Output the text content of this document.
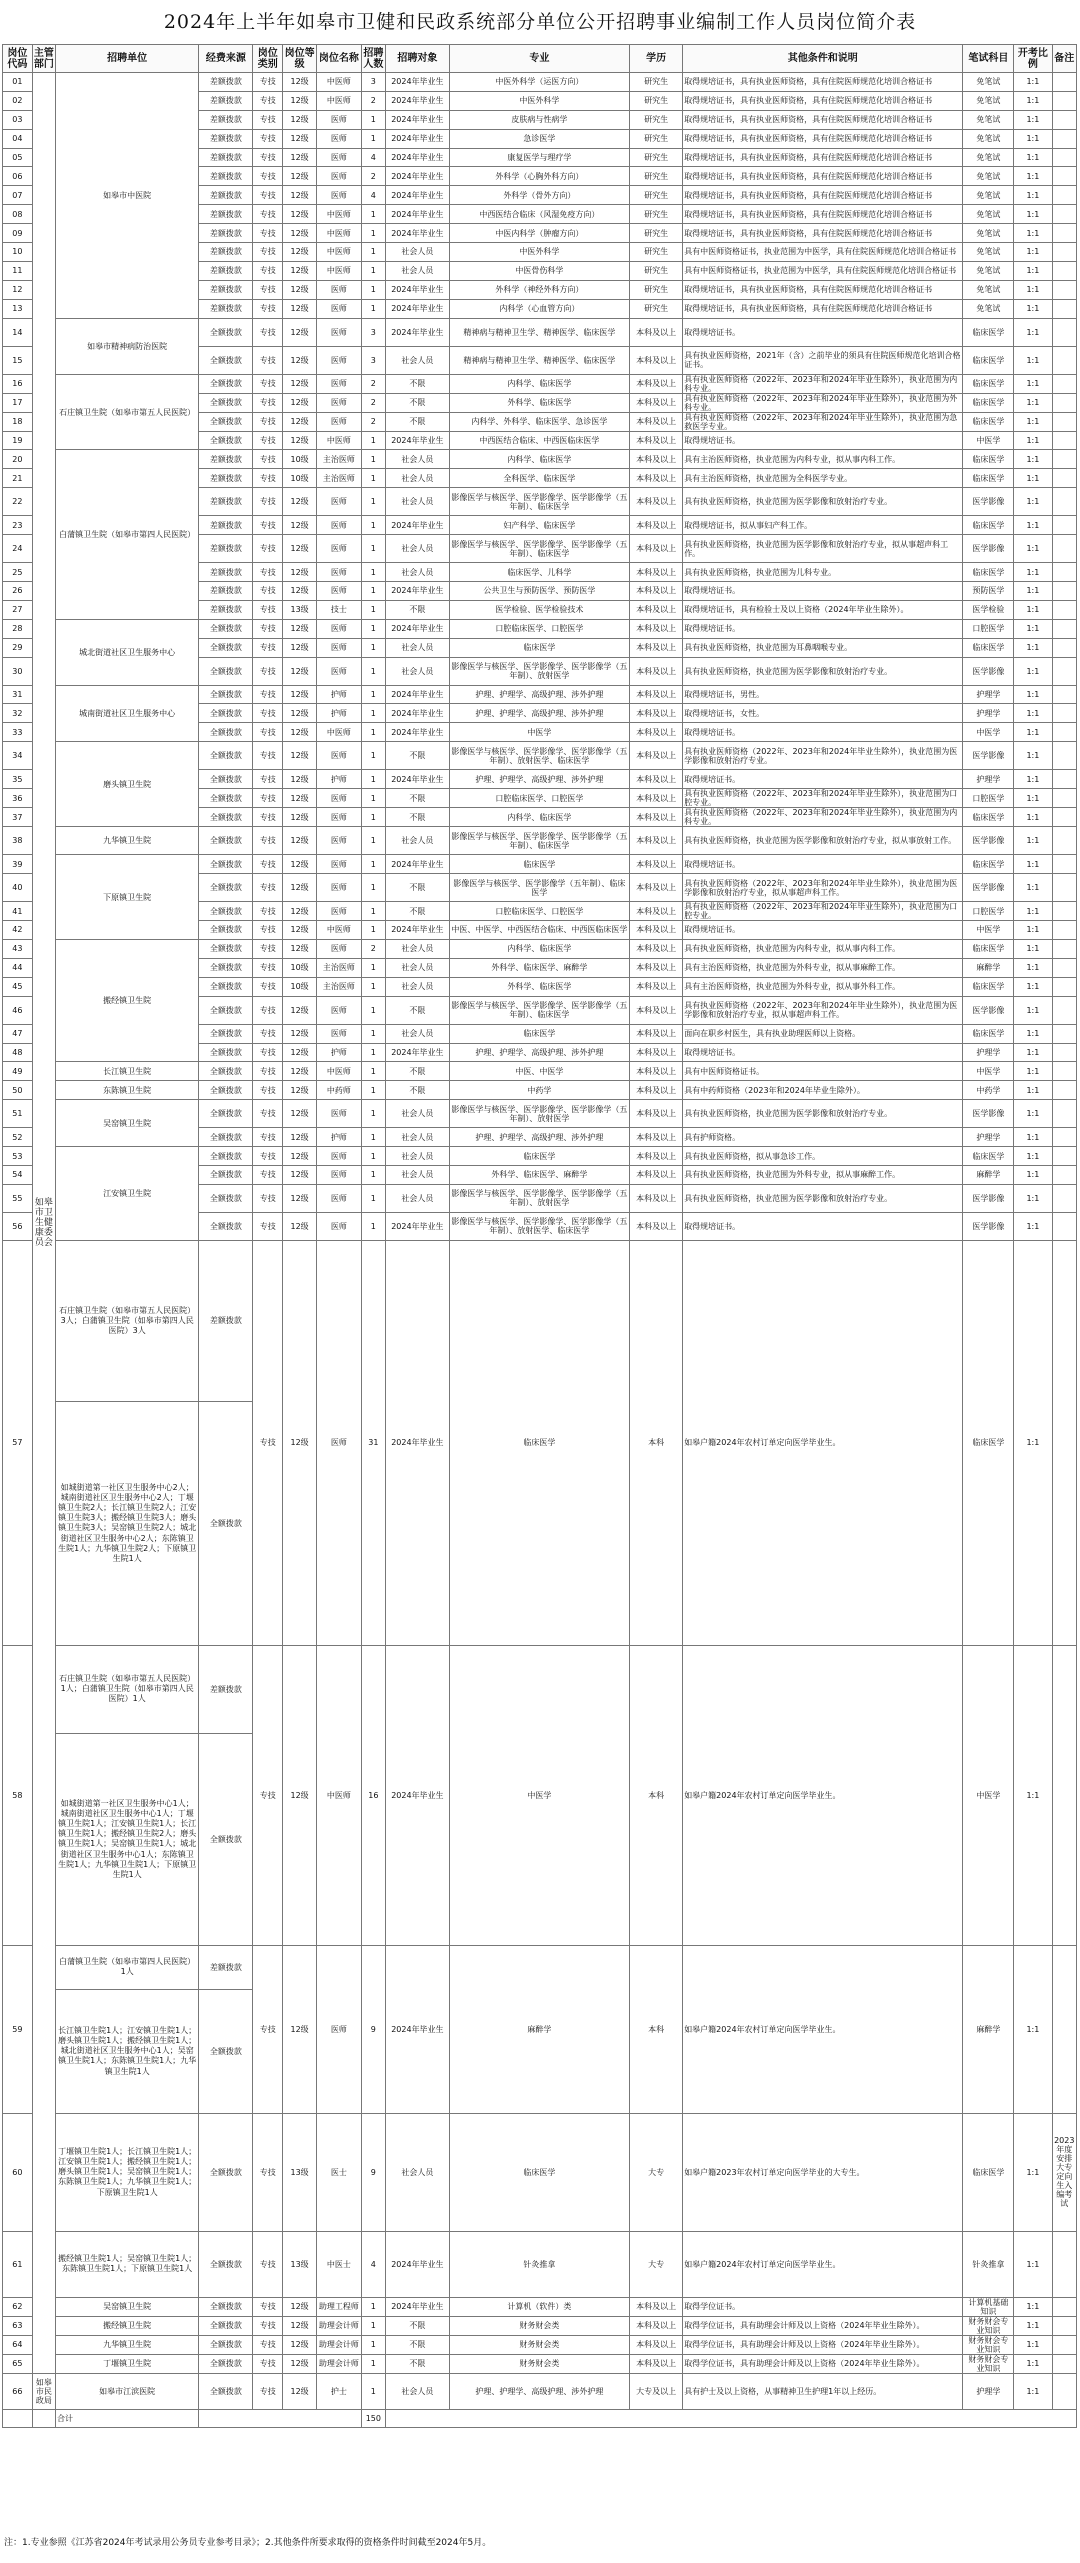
2024年上半年如皋市卫健和民政系统部分单位公开招聘事业编制工作人员岗位简介表
岗位代码	主管部门	招聘单位	经费来源	岗位类别	岗位等级	岗位名称	招聘人数	招聘对象	专业	学历	其他条件和说明	笔试科目	开考比例	备注
01	如皋市卫生健康委员会	如皋市中医院	差额拨款	专技	12级	中医师	3	2024年毕业生	中医外科学（运医方向）	研究生	取得规培证书，具有执业医师资格，具有住院医师规范化培训合格证书	免笔试	1:1	
02			差额拨款	专技	12级	中医师	2	2024年毕业生	中医外科学	研究生	取得规培证书，具有执业医师资格，具有住院医师规范化培训合格证书	免笔试	1:1	
03			差额拨款	专技	12级	医师	1	2024年毕业生	皮肤病与性病学	研究生	取得规培证书，具有执业医师资格，具有住院医师规范化培训合格证书	免笔试	1:1	
04			差额拨款	专技	12级	医师	1	2024年毕业生	急诊医学	研究生	取得规培证书，具有执业医师资格，具有住院医师规范化培训合格证书	免笔试	1:1	
05			差额拨款	专技	12级	医师	4	2024年毕业生	康复医学与理疗学	研究生	取得规培证书，具有执业医师资格，具有住院医师规范化培训合格证书	免笔试	1:1	
06			差额拨款	专技	12级	医师	2	2024年毕业生	外科学（心胸外科方向）	研究生	取得规培证书，具有执业医师资格，具有住院医师规范化培训合格证书	免笔试	1:1	
07			差额拨款	专技	12级	医师	4	2024年毕业生	外科学（骨外方向）	研究生	取得规培证书，具有执业医师资格，具有住院医师规范化培训合格证书	免笔试	1:1	
08			差额拨款	专技	12级	中医师	1	2024年毕业生	中西医结合临床（风湿免疫方向）	研究生	取得规培证书，具有执业医师资格，具有住院医师规范化培训合格证书	免笔试	1:1	
09			差额拨款	专技	12级	中医师	1	2024年毕业生	中医内科学（肿瘤方向）	研究生	取得规培证书，具有执业医师资格，具有住院医师规范化培训合格证书	免笔试	1:1	
10			差额拨款	专技	12级	中医师	1	社会人员	中医外科学	研究生	具有中医师资格证书，执业范围为中医学，具有住院医师规范化培训合格证书	免笔试	1:1	
11			差额拨款	专技	12级	中医师	1	社会人员	中医骨伤科学	研究生	具有中医师资格证书，执业范围为中医学，具有住院医师规范化培训合格证书	免笔试	1:1	
12			差额拨款	专技	12级	医师	1	2024年毕业生	外科学（神经外科方向）	研究生	取得规培证书，具有执业医师资格，具有住院医师规范化培训合格证书	免笔试	1:1	
13			差额拨款	专技	12级	医师	1	2024年毕业生	内科学（心血管方向）	研究生	取得规培证书，具有执业医师资格，具有住院医师规范化培训合格证书	免笔试	1:1	
14		如皋市精神病防治医院	全额拨款	专技	12级	医师	3	2024年毕业生	精神病与精神卫生学、精神医学、临床医学	本科及以上	取得规培证书。	临床医学	1:1	
15			全额拨款	专技	12级	医师	3	社会人员	精神病与精神卫生学、精神医学、临床医学	本科及以上	具有执业医师资格，2021年（含）之前毕业的须具有住院医师规范化培训合格证书。	临床医学	1:1	
16		石庄镇卫生院（如皋市第五人民医院）	全额拨款	专技	12级	医师	2	不限	内科学、临床医学	本科及以上	具有执业医师资格（2022年、2023年和2024年毕业生除外），执业范围为内科专业。	临床医学	1:1	
17			全额拨款	专技	12级	医师	2	不限	外科学、临床医学	本科及以上	具有执业医师资格（2022年、2023年和2024年毕业生除外），执业范围为外科专业。	临床医学	1:1	
18			全额拨款	专技	12级	医师	2	不限	内科学、外科学、临床医学、急诊医学	本科及以上	具有执业医师资格（2022年、2023年和2024年毕业生除外），执业范围为急救医学专业。	临床医学	1:1	
19			全额拨款	专技	12级	中医师	1	2024年毕业生	中西医结合临床、中西医临床医学	本科及以上	取得规培证书。	中医学	1:1	
20		白蒲镇卫生院（如皋市第四人民医院）	差额拨款	专技	10级	主治医师	1	社会人员	内科学、临床医学	本科及以上	具有主治医师资格，执业范围为内科专业，拟从事内科工作。	临床医学	1:1	
21			差额拨款	专技	10级	主治医师	1	社会人员	全科医学、临床医学	本科及以上	具有主治医师资格，执业范围为全科医学专业。	临床医学	1:1	
22			差额拨款	专技	12级	医师	1	社会人员	影像医学与核医学、医学影像学、医学影像学（五年制）、临床医学	本科及以上	具有执业医师资格，执业范围为医学影像和放射治疗专业。	医学影像	1:1	
23			差额拨款	专技	12级	医师	1	2024年毕业生	妇产科学、临床医学	本科及以上	取得规培证书，拟从事妇产科工作。	临床医学	1:1	
24			差额拨款	专技	12级	医师	1	社会人员	影像医学与核医学、医学影像学、医学影像学（五年制）、临床医学	本科及以上	具有执业医师资格，执业范围为医学影像和放射治疗专业，拟从事超声科工作。	医学影像	1:1	
25			差额拨款	专技	12级	医师	1	社会人员	临床医学、儿科学	本科及以上	具有执业医师资格，执业范围为儿科专业。	临床医学	1:1	
26			差额拨款	专技	12级	医师	1	2024年毕业生	公共卫生与预防医学、预防医学	本科及以上	取得规培证书。	预防医学	1:1	
27			差额拨款	专技	13级	技士	1	不限	医学检验、医学检验技术	本科及以上	取得规培证书，具有检验士及以上资格（2024年毕业生除外）。	医学检验	1:1	
28		城北街道社区卫生服务中心	全额拨款	专技	12级	医师	1	2024年毕业生	口腔临床医学、口腔医学	本科及以上	取得规培证书。	口腔医学	1:1	
29			全额拨款	专技	12级	医师	1	社会人员	临床医学	本科及以上	具有执业医师资格，执业范围为耳鼻咽喉专业。	临床医学	1:1	
30			全额拨款	专技	12级	医师	1	社会人员	影像医学与核医学、医学影像学、医学影像学（五年制）、放射医学	本科及以上	具有执业医师资格，执业范围为医学影像和放射治疗专业。	医学影像	1:1	
31		城南街道社区卫生服务中心	全额拨款	专技	12级	护师	1	2024年毕业生	护理、护理学、高级护理、涉外护理	本科及以上	取得规培证书，男性。	护理学	1:1	
32			全额拨款	专技	12级	护师	1	2024年毕业生	护理、护理学、高级护理、涉外护理	本科及以上	取得规培证书，女性。	护理学	1:1	
33			全额拨款	专技	12级	中医师	1	2024年毕业生	中医学	本科及以上	取得规培证书。	中医学	1:1	
34		磨头镇卫生院	全额拨款	专技	12级	医师	1	不限	影像医学与核医学、医学影像学、医学影像学（五年制）、放射医学、临床医学	本科及以上	具有执业医师资格（2022年、2023年和2024年毕业生除外），执业范围为医学影像和放射治疗专业。	医学影像	1:1	
35			全额拨款	专技	12级	护师	1	2024年毕业生	护理、护理学、高级护理、涉外护理	本科及以上	取得规培证书。	护理学	1:1	
36			全额拨款	专技	12级	医师	1	不限	口腔临床医学、口腔医学	本科及以上	具有执业医师资格（2022年、2023年和2024年毕业生除外），执业范围为口腔专业。	口腔医学	1:1	
37			全额拨款	专技	12级	医师	1	不限	内科学、临床医学	本科及以上	具有执业医师资格（2022年、2023年和2024年毕业生除外），执业范围为内科专业。	临床医学	1:1	
38		九华镇卫生院	全额拨款	专技	12级	医师	1	社会人员	影像医学与核医学、医学影像学、医学影像学（五年制）、临床医学	本科及以上	具有执业医师资格，执业范围为医学影像和放射治疗专业，拟从事放射工作。	医学影像	1:1	
39		下原镇卫生院	全额拨款	专技	12级	医师	1	2024年毕业生	临床医学	本科及以上	取得规培证书。	临床医学	1:1	
40			全额拨款	专技	12级	医师	1	不限	影像医学与核医学、医学影像学（五年制）、临床医学	本科及以上	具有执业医师资格（2022年、2023年和2024年毕业生除外），执业范围为医学影像和放射治疗专业，拟从事超声科工作。	医学影像	1:1	
41			全额拨款	专技	12级	医师	1	不限	口腔临床医学、口腔医学	本科及以上	具有执业医师资格（2022年、2023年和2024年毕业生除外），执业范围为口腔专业。	口腔医学	1:1	
42			全额拨款	专技	12级	中医师	1	2024年毕业生	中医、中医学、中西医结合临床、中西医临床医学	本科及以上	取得规培证书。	中医学	1:1	
43		搬经镇卫生院	全额拨款	专技	12级	医师	2	社会人员	内科学、临床医学	本科及以上	具有执业医师资格，执业范围为内科专业，拟从事内科工作。	临床医学	1:1	
44			全额拨款	专技	10级	主治医师	1	社会人员	外科学、临床医学、麻醉学	本科及以上	具有主治医师资格，执业范围为外科专业，拟从事麻醉工作。	麻醉学	1:1	
45			全额拨款	专技	10级	主治医师	1	社会人员	外科学、临床医学	本科及以上	具有主治医师资格，执业范围为外科专业，拟从事外科工作。	临床医学	1:1	
46			全额拨款	专技	12级	医师	1	不限	影像医学与核医学、医学影像学、医学影像学（五年制）、临床医学	本科及以上	具有执业医师资格（2022年、2023年和2024年毕业生除外），执业范围为医学影像和放射治疗专业，拟从事超声科工作。	医学影像	1:1	
47			全额拨款	专技	12级	医师	1	社会人员	临床医学	本科及以上	面向在职乡村医生，具有执业助理医师以上资格。	临床医学	1:1	
48			全额拨款	专技	12级	护师	1	2024年毕业生	护理、护理学、高级护理、涉外护理	本科及以上	取得规培证书。	护理学	1:1	
49		长江镇卫生院	全额拨款	专技	12级	中医师	1	不限	中医、中医学	本科及以上	具有中医师资格证书。	中医学	1:1	
50		东陈镇卫生院	全额拨款	专技	12级	中药师	1	不限	中药学	本科及以上	具有中药师资格（2023年和2024年毕业生除外）。	中药学	1:1	
51		吴窑镇卫生院	全额拨款	专技	12级	医师	1	社会人员	影像医学与核医学、医学影像学、医学影像学（五年制）、放射医学	本科及以上	具有执业医师资格，执业范围为医学影像和放射治疗专业。	医学影像	1:1	
52			全额拨款	专技	12级	护师	1	社会人员	护理、护理学、高级护理、涉外护理	本科及以上	具有护师资格。	护理学	1:1	
53		江安镇卫生院	全额拨款	专技	12级	医师	1	社会人员	临床医学	本科及以上	具有执业医师资格，拟从事急诊工作。	临床医学	1:1	
54			全额拨款	专技	12级	医师	1	社会人员	外科学、临床医学、麻醉学	本科及以上	具有执业医师资格，执业范围为外科专业，拟从事麻醉工作。	麻醉学	1:1	
55			全额拨款	专技	12级	医师	1	社会人员	影像医学与核医学、医学影像学、医学影像学（五年制）、放射医学	本科及以上	具有执业医师资格，执业范围为医学影像和放射治疗专业。	医学影像	1:1	
56			全额拨款	专技	12级	医师	1	2024年毕业生	影像医学与核医学、医学影像学、医学影像学（五年制）、放射医学、临床医学	本科及以上	取得规培证书。	医学影像	1:1	
57		石庄镇卫生院（如皋市第五人民医院）3人；白蒲镇卫生院（如皋市第四人民医院）3人	差额拨款	专技	12级	医师	31	2024年毕业生	临床医学	本科	如皋户籍2024年农村订单定向医学毕业生。	临床医学	1:1	
		如城街道第一社区卫生服务中心2人；城南街道社区卫生服务中心2人；丁堰镇卫生院2人；长江镇卫生院2人；江安镇卫生院3人；搬经镇卫生院3人；磨头镇卫生院3人；吴窑镇卫生院2人；城北街道社区卫生服务中心2人；东陈镇卫生院1人；九华镇卫生院2人；下原镇卫生院1人	全额拨款											
58		石庄镇卫生院（如皋市第五人民医院）1人；白蒲镇卫生院（如皋市第四人民医院）1人	差额拨款	专技	12级	中医师	16	2024年毕业生	中医学	本科	如皋户籍2024年农村订单定向医学毕业生。	中医学	1:1	
		如城街道第一社区卫生服务中心1人；城南街道社区卫生服务中心1人；丁堰镇卫生院1人；江安镇卫生院1人；长江镇卫生院1人；搬经镇卫生院2人；磨头镇卫生院1人；吴窑镇卫生院1人；城北街道社区卫生服务中心1人；东陈镇卫生院1人；九华镇卫生院1人；下原镇卫生院1人	全额拨款											
59		白蒲镇卫生院（如皋市第四人民医院）1人	差额拨款	专技	12级	医师	9	2024年毕业生	麻醉学	本科	如皋户籍2024年农村订单定向医学毕业生。	麻醉学	1:1	
		长江镇卫生院1人；江安镇卫生院1人；磨头镇卫生院1人；搬经镇卫生院1人；城北街道社区卫生服务中心1人；吴窑镇卫生院1人；东陈镇卫生院1人；九华镇卫生院1人	全额拨款											
60		丁堰镇卫生院1人；长江镇卫生院1人；江安镇卫生院1人；搬经镇卫生院1人；磨头镇卫生院1人；吴窑镇卫生院1人；东陈镇卫生院1人；九华镇卫生院1人；下原镇卫生院1人	全额拨款	专技	13级	医士	9	社会人员	临床医学	大专	如皋户籍2023年农村订单定向医学毕业的大专生。	临床医学	1:1	2023年度安排大专定向生入编考试
61		搬经镇卫生院1人；吴窑镇卫生院1人；东陈镇卫生院1人；下原镇卫生院1人	全额拨款	专技	13级	中医士	4	2024年毕业生	针灸推拿	大专	如皋户籍2024年农村订单定向医学毕业生。	针灸推拿	1:1	
62		吴窑镇卫生院	全额拨款	专技	12级	助理工程师	1	2024年毕业生	计算机（软件）类	本科及以上	取得学位证书。	计算机基础知识	1:1	
63		搬经镇卫生院	全额拨款	专技	12级	助理会计师	1	不限	财务财会类	本科及以上	取得学位证书，具有助理会计师及以上资格（2024年毕业生除外）。	财务财会专业知识	1:1	
64		九华镇卫生院	全额拨款	专技	12级	助理会计师	1	不限	财务财会类	本科及以上	取得学位证书，具有助理会计师及以上资格（2024年毕业生除外）。	财务财会专业知识	1:1	
65		丁堰镇卫生院	全额拨款	专技	12级	助理会计师	1	不限	财务财会类	本科及以上	取得学位证书，具有助理会计师及以上资格（2024年毕业生除外）。	财务财会专业知识	1:1	
66	如皋市民政局	如皋市江滨医院	全额拨款	专技	12级	护士	1	社会人员	护理、护理学、高级护理、涉外护理	大专及以上	具有护士及以上资格，从事精神卫生护理1年以上经历。	护理学	1:1	
		合计					150							
注：1.专业参照《江苏省2024年考试录用公务员专业参考目录》；2.其他条件所要求取得的资格条件时间截至2024年5月。
